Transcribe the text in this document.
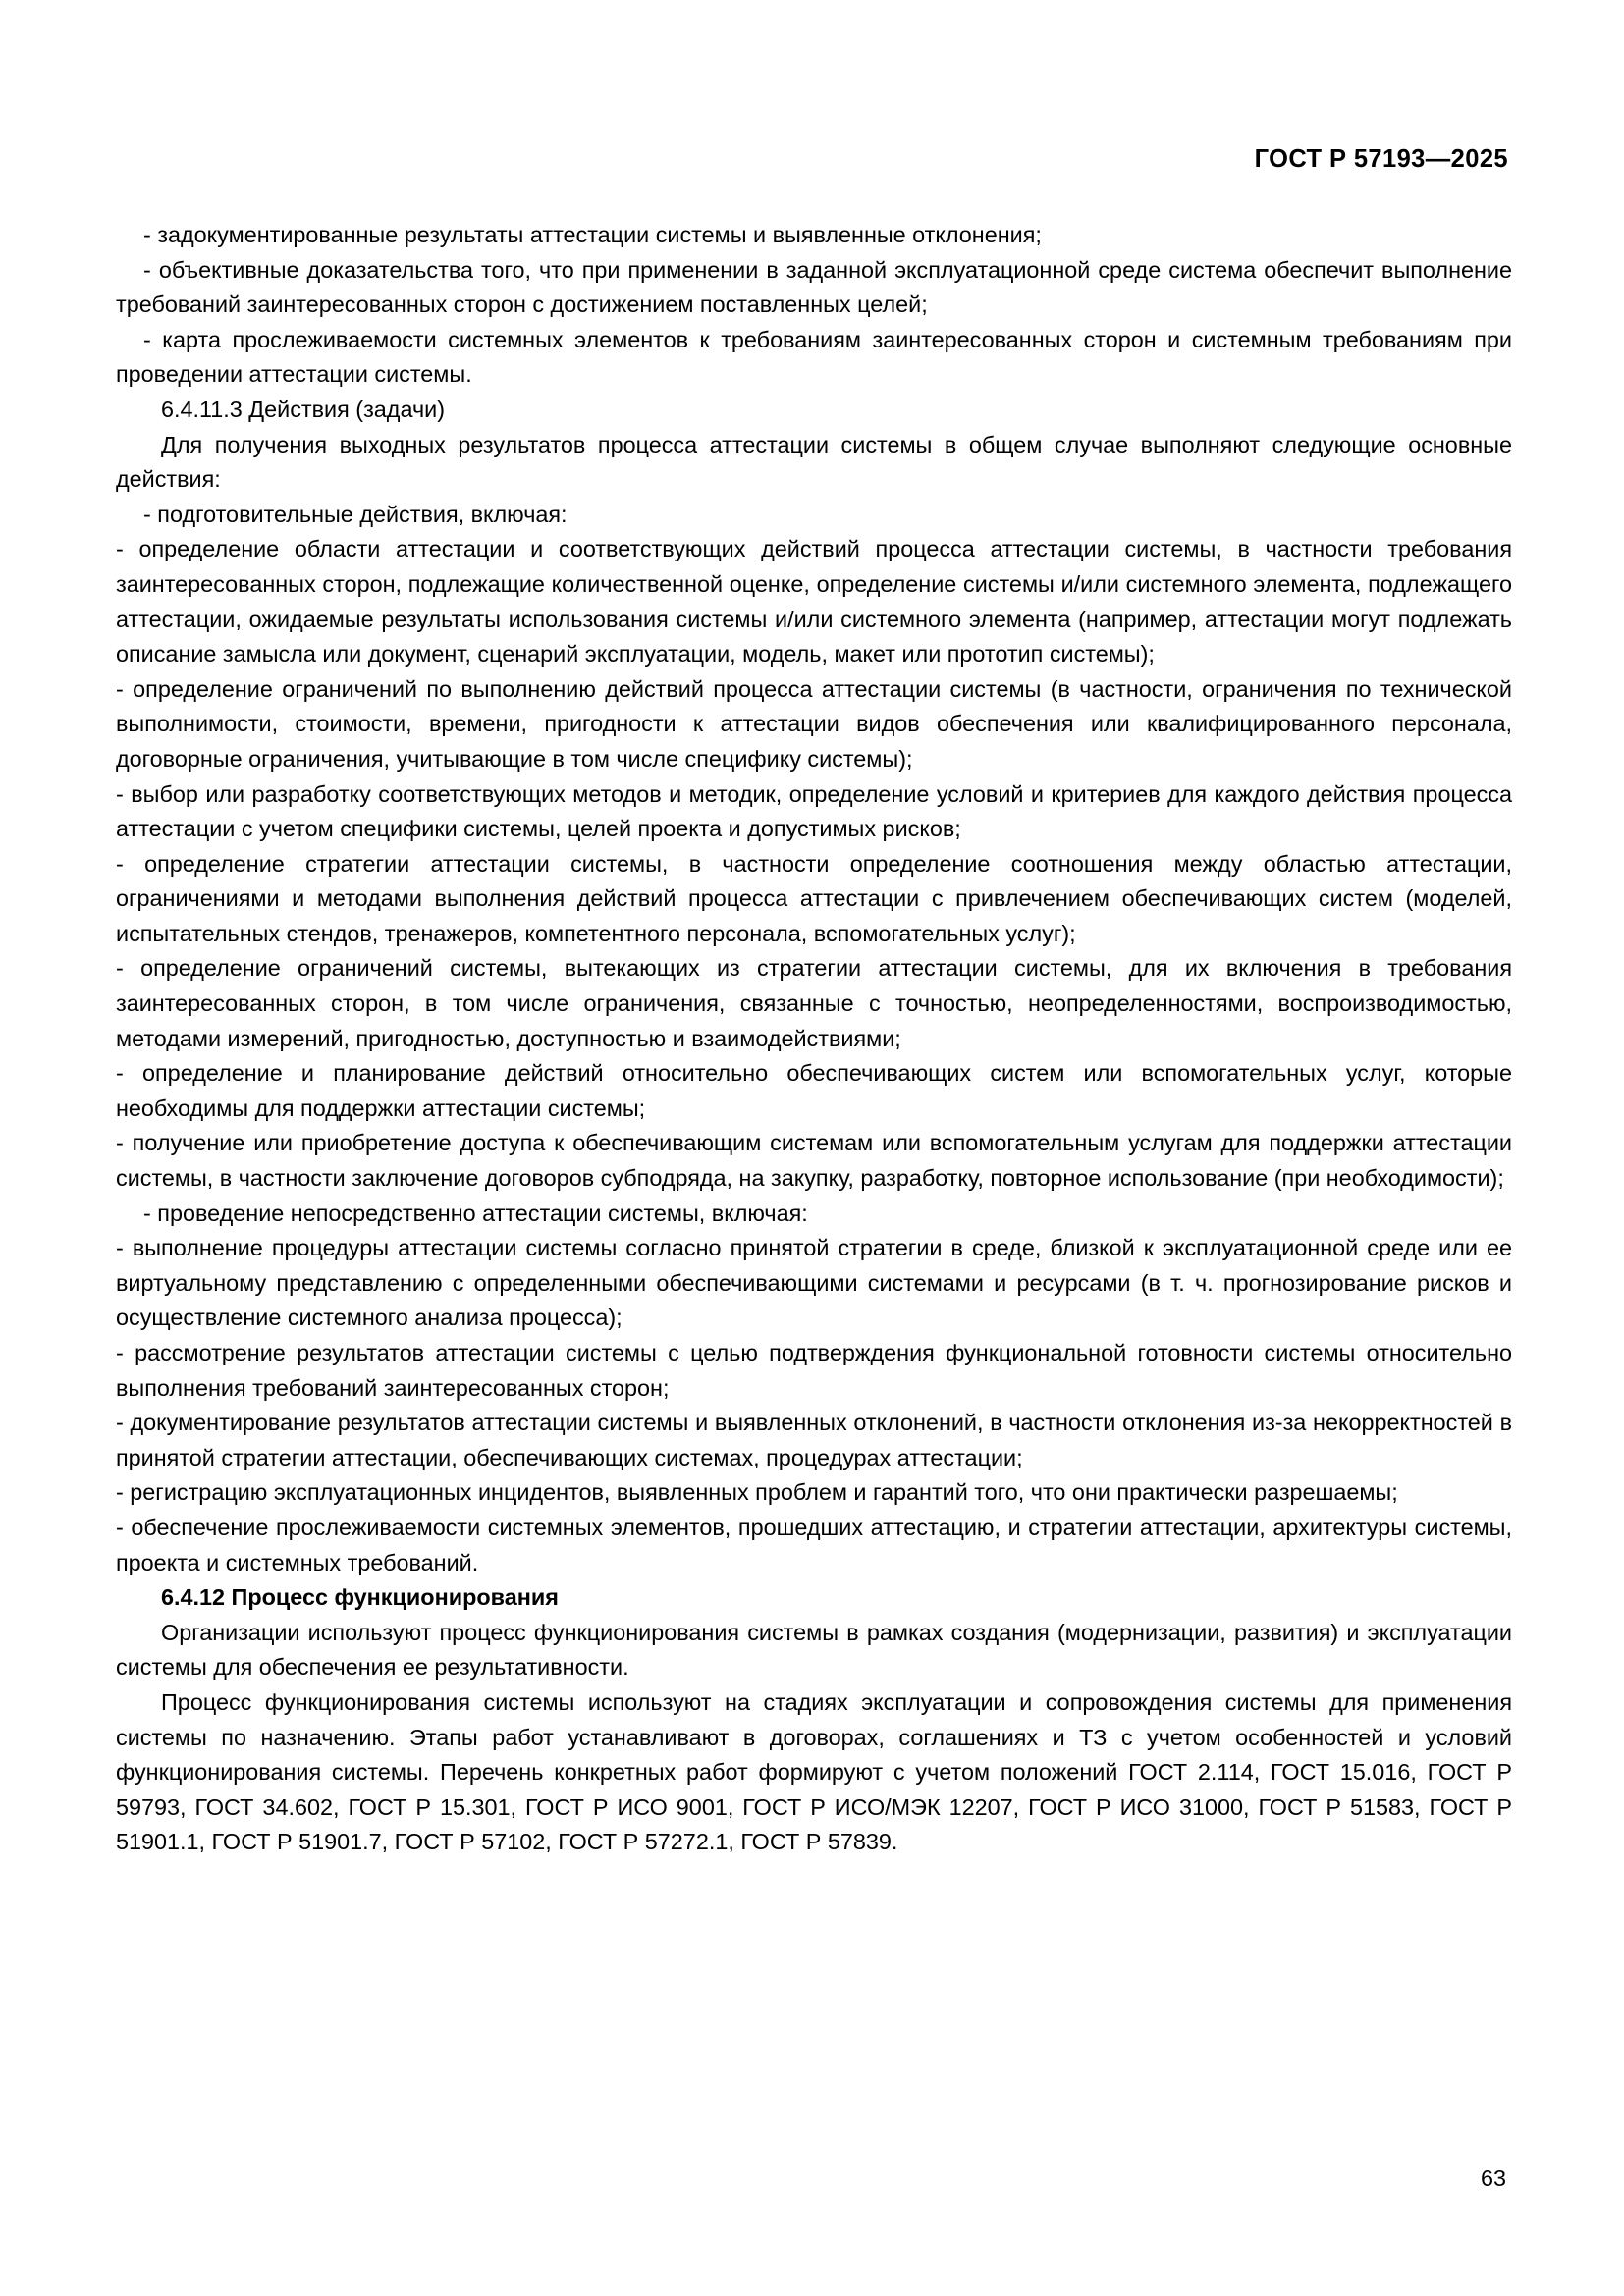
ГОСТ Р 57193—2025

- задокументированные результаты аттестации системы и выявленные отклонения;

- объективные доказательства того, что при применении в заданной эксплуатационной среде система обеспечит выполнение требований заинтересованных сторон с достижением поставленных целей;

- карта прослеживаемости системных элементов к требованиям заинтересованных сторон и системным требованиям при проведении аттестации системы.

6.4.11.3 Действия (задачи)

Для получения выходных результатов процесса аттестации системы в общем случае выполняют следующие основные действия:

- подготовительные действия, включая:

- определение области аттестации и соответствующих действий процесса аттестации системы, в частности требования заинтересованных сторон, подлежащие количественной оценке, определение системы и/или системного элемента, подлежащего аттестации, ожидаемые результаты использования системы и/или системного элемента (например, аттестации могут подлежать описание замысла или документ, сценарий эксплуатации, модель, макет или прототип системы);

- определение ограничений по выполнению действий процесса аттестации системы (в частности, ограничения по технической выполнимости, стоимости, времени, пригодности к аттестации видов обеспечения или квалифицированного персонала, договорные ограничения, учитывающие в том числе специфику системы);

- выбор или разработку соответствующих методов и методик, определение условий и критериев для каждого действия процесса аттестации с учетом специфики системы, целей проекта и допустимых рисков;

- определение стратегии аттестации системы, в частности определение соотношения между областью аттестации, ограничениями и методами выполнения действий процесса аттестации с привлечением обеспечивающих систем (моделей, испытательных стендов, тренажеров, компетентного персонала, вспомогательных услуг);

- определение ограничений системы, вытекающих из стратегии аттестации системы, для их включения в требования заинтересованных сторон, в том числе ограничения, связанные с точностью, неопределенностями, воспроизводимостью, методами измерений, пригодностью, доступностью и взаимодействиями;

- определение и планирование действий относительно обеспечивающих систем или вспомогательных услуг, которые необходимы для поддержки аттестации системы;

- получение или приобретение доступа к обеспечивающим системам или вспомогательным услугам для поддержки аттестации системы, в частности заключение договоров субподряда, на закупку, разработку, повторное использование (при необходимости);

- проведение непосредственно аттестации системы, включая:

- выполнение процедуры аттестации системы согласно принятой стратегии в среде, близкой к эксплуатационной среде или ее виртуальному представлению с определенными обеспечивающими системами и ресурсами (в т. ч. прогнозирование рисков и осуществление системного анализа процесса);

- рассмотрение результатов аттестации системы с целью подтверждения функциональной готовности системы относительно выполнения требований заинтересованных сторон;

- документирование результатов аттестации системы и выявленных отклонений, в частности отклонения из-за некорректностей в принятой стратегии аттестации, обеспечивающих системах, процедурах аттестации;

- регистрацию эксплуатационных инцидентов, выявленных проблем и гарантий того, что они практически разрешаемы;

- обеспечение прослеживаемости системных элементов, прошедших аттестацию, и стратегии аттестации, архитектуры системы, проекта и системных требований.

6.4.12 Процесс функционирования

Организации используют процесс функционирования системы в рамках создания (модернизации, развития) и эксплуатации системы для обеспечения ее результативности.

Процесс функционирования системы используют на стадиях эксплуатации и сопровождения системы для применения системы по назначению. Этапы работ устанавливают в договорах, соглашениях и ТЗ с учетом особенностей и условий функционирования системы. Перечень конкретных работ формируют с учетом положений ГОСТ 2.114, ГОСТ 15.016, ГОСТ Р 59793, ГОСТ 34.602, ГОСТ Р 15.301, ГОСТ Р ИСО 9001, ГОСТ Р ИСО/МЭК 12207, ГОСТ Р ИСО 31000, ГОСТ Р 51583, ГОСТ Р 51901.1, ГОСТ Р 51901.7, ГОСТ Р 57102, ГОСТ Р 57272.1, ГОСТ Р 57839.

63
